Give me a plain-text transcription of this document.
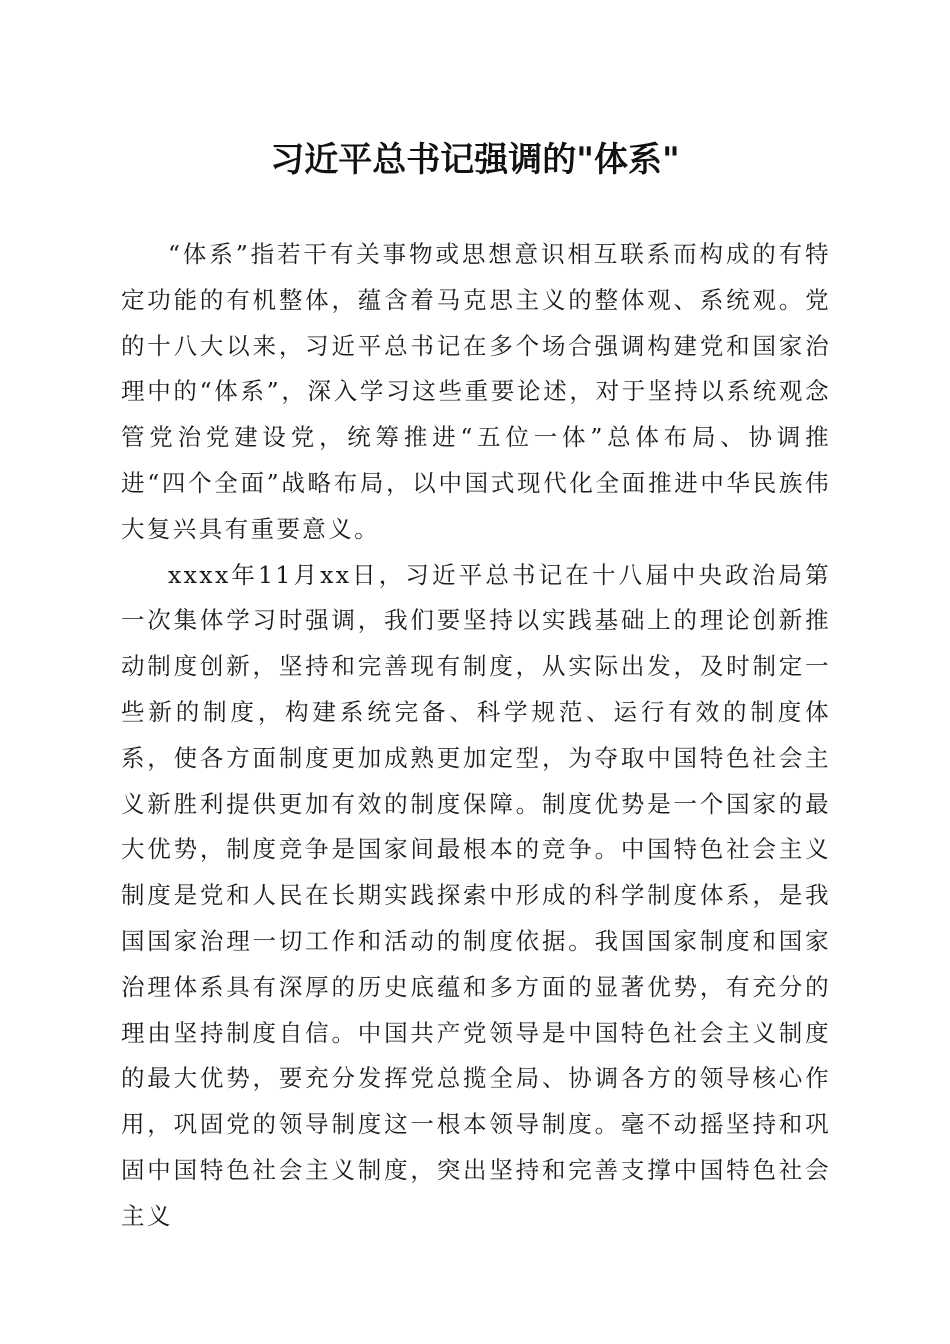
习近平总书记强调的"体系"

“体系”指若干有关事物或思想意识相互联系而构成的有特定功能的有机整体，蕴含着马克思主义的整体观、系统观。党的十八大以来，习近平总书记在多个场合强调构建党和国家治理中的“体系”，深入学习这些重要论述，对于坚持以系统观念管党治党建设党，统筹推进“五位一体”总体布局、协调推进“四个全面”战略布局，以中国式现代化全面推进中华民族伟大复兴具有重要意义。

xxxx年11月xx日，习近平总书记在十八届中央政治局第一次集体学习时强调，我们要坚持以实践基础上的理论创新推动制度创新，坚持和完善现有制度，从实际出发，及时制定一些新的制度，构建系统完备、科学规范、运行有效的制度体系，使各方面制度更加成熟更加定型，为夺取中国特色社会主义新胜利提供更加有效的制度保障。制度优势是一个国家的最大优势，制度竞争是国家间最根本的竞争。中国特色社会主义制度是党和人民在长期实践探索中形成的科学制度体系，是我国国家治理一切工作和活动的制度依据。我国国家制度和国家治理体系具有深厚的历史底蕴和多方面的显著优势，有充分的理由坚持制度自信。中国共产党领导是中国特色社会主义制度的最大优势，要充分发挥党总揽全局、协调各方的领导核心作用，巩固党的领导制度这一根本领导制度。毫不动摇坚持和巩固中国特色社会主义制度，突出坚持和完善支撑中国特色社会主义
